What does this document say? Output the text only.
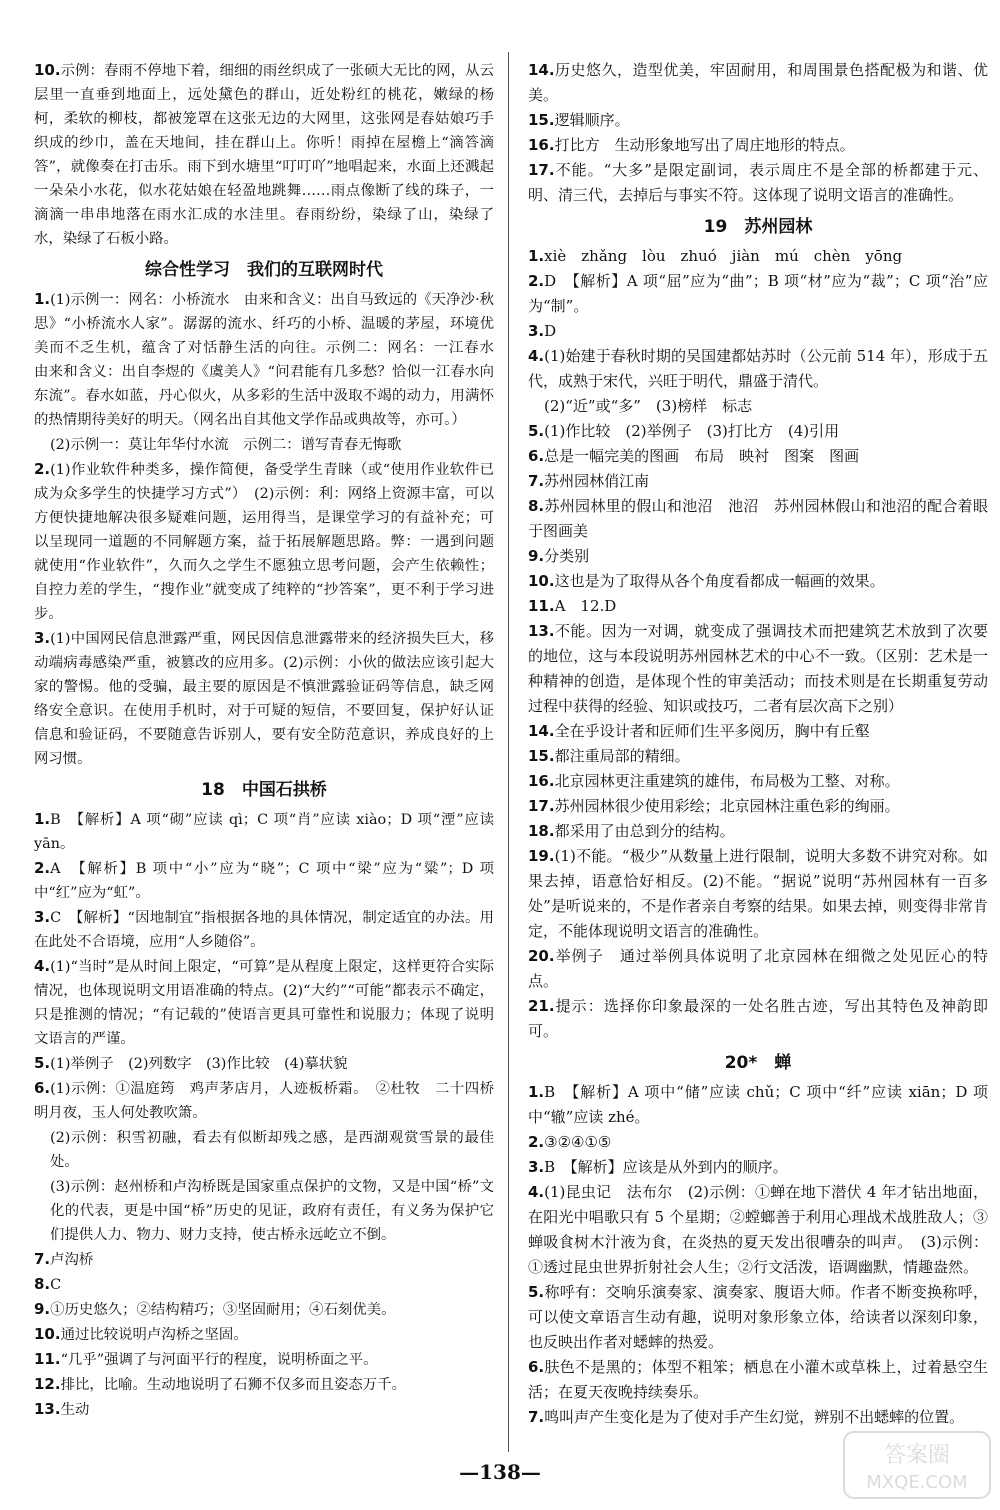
10.示例：春雨不停地下着，细细的雨丝织成了一张硕大无比的网，从云层里一直垂到地面上，远处黛色的群山，近处粉红的桃花，嫩绿的杨柯，柔软的柳枝，都被笼罩在这张无边的大网里，这张网是春姑娘巧手织成的纱巾，盖在天地间，挂在群山上。你听！雨掉在屋檐上“滴答滴答”，就像奏在打击乐。雨下到水塘里“叮叮吖”地唱起来，水面上还溅起一朵朵小水花，似水花姑娘在轻盈地跳舞……雨点像断了线的珠子，一滴滴一串串地落在雨水汇成的水洼里。春雨纷纷，染绿了山，染绿了水，染绿了石板小路。

综合性学习　我们的互联网时代

1.(1)示例一：网名：小桥流水　由来和含义：出自马致远的《天净沙·秋思》“小桥流水人家”。潺潺的流水、纤巧的小桥、温暖的茅屋，环境优美而不乏生机，蕴含了对恬静生活的向往。示例二：网名：一江春水　由来和含义：出自李煜的《虞美人》“问君能有几多愁？恰似一江春水向东流”。春水如蓝，丹心似火，从多彩的生活中汲取不竭的动力，用满怀的热情期待美好的明天。（网名出自其他文学作品或典故等，亦可。）

(2)示例一：莫让年华付水流　示例二：谱写青春无悔歌

2.(1)作业软件种类多，操作简便，备受学生青睐（或“使用作业软件已成为众多学生的快捷学习方式”）　(2)示例：利：网络上资源丰富，可以方便快捷地解决很多疑难问题，运用得当，是课堂学习的有益补充；可以呈现同一道题的不同解题方案，益于拓展解题思路。弊：一遇到问题就使用“作业软件”，久而久之学生不愿独立思考问题，会产生依赖性；自控力差的学生，“搜作业”就变成了纯粹的“抄答案”，更不利于学习进步。

3.(1)中国网民信息泄露严重，网民因信息泄露带来的经济损失巨大，移动端病毒感染严重，被篡改的应用多。(2)示例：小伙的做法应该引起大家的警惕。他的受骗，最主要的原因是不慎泄露验证码等信息，缺乏网络安全意识。在使用手机时，对于可疑的短信，不要回复，保护好认证信息和验证码，不要随意告诉别人，要有安全防范意识，养成良好的上网习惯。

18　中国石拱桥

1.B　【解析】A 项“砌”应读 qì；C 项“肖”应读 xiào；D 项“湮”应读 yān。

2.A　【解析】B 项中“小”应为“晓”；C 项中“梁”应为“粱”；D 项中“红”应为“虹”。

3.C　【解析】“因地制宜”指根据各地的具体情况，制定适宜的办法。用在此处不合语境，应用“人乡随俗”。

4.(1)“当时”是从时间上限定，“可算”是从程度上限定，这样更符合实际情况，也体现说明文用语准确的特点。(2)“大约”“可能”都表示不确定，只是推测的情况；“有记载的”使语言更具可靠性和说服力；体现了说明文语言的严谨。

5.(1)举例子　(2)列数字　(3)作比较　(4)摹状貌

6.(1)示例：①温庭筠　鸡声茅店月，人迹板桥霜。　②杜牧　二十四桥明月夜，玉人何处教吹箫。

(2)示例：积雪初融，看去有似断却残之感，是西湖观赏雪景的最佳处。

(3)示例：赵州桥和卢沟桥既是国家重点保护的文物，又是中国“桥”文化的代表，更是中国“桥”历史的见证，政府有责任，有义务为保护它们提供人力、物力、财力支持，使古桥永远屹立不倒。

7.卢沟桥

8.C

9.①历史悠久；②结构精巧；③坚固耐用；④石刻优美。

10.通过比较说明卢沟桥之坚固。

11.“几乎”强调了与河面平行的程度，说明桥面之平。

12.排比，比喻。生动地说明了石狮不仅多而且姿态万千。

13.生动

14.历史悠久，造型优美，牢固耐用，和周围景色搭配极为和谐、优美。

15.逻辑顺序。

16.打比方　生动形象地写出了周庄地形的特点。

17.不能。“大多”是限定副词，表示周庄不是全部的桥都建于元、明、清三代，去掉后与事实不符。这体现了说明文语言的准确性。

19　苏州园林

1.xiè　zhǎng　lòu　zhuó　jiàn　mú　chèn　yōng

2.D　【解析】A 项“屈”应为“曲”；B 项“材”应为“裁”；C 项“治”应为“制”。

3.D

4.(1)始建于春秋时期的吴国建都姑苏时（公元前 514 年），形成于五代，成熟于宋代，兴旺于明代，鼎盛于清代。

(2)“近”或“多”　(3)榜样　标志

5.(1)作比较　(2)举例子　(3)打比方　(4)引用

6.总是一幅完美的图画　布局　映衬　图案　图画

7.苏州园林俏江南

8.苏州园林里的假山和池沼　池沼　苏州园林假山和池沼的配合着眼于图画美

9.分类别

10.这也是为了取得从各个角度看都成一幅画的效果。

11.A　12.D

13.不能。因为一对调，就变成了强调技术而把建筑艺术放到了次要的地位，这与本段说明苏州园林艺术的中心不一致。（区别：艺术是一种精神的创造，是体现个性的审美活动；而技术则是在长期重复劳动过程中获得的经验、知识或技巧，二者有层次高下之别）

14.全在乎设计者和匠师们生平多阅历，胸中有丘壑

15.都注重局部的精细。

16.北京园林更注重建筑的雄伟，布局极为工整、对称。

17.苏州园林很少使用彩绘；北京园林注重色彩的绚丽。

18.都采用了由总到分的结构。

19.(1)不能。“极少”从数量上进行限制，说明大多数不讲究对称。如果去掉，语意恰好相反。(2)不能。“据说”说明“苏州园林有一百多处”是听说来的，不是作者亲自考察的结果。如果去掉，则变得非常肯定，不能体现说明文语言的准确性。

20.举例子　通过举例具体说明了北京园林在细微之处见匠心的特点。

21.提示：选择你印象最深的一处名胜古迹，写出其特色及神韵即可。

20*　蝉

1.B　【解析】A 项中“储”应读 chǔ；C 项中“纤”应读 xiān；D 项中“辙”应读 zhé。

2.③②④①⑤

3.B　【解析】应该是从外到内的顺序。

4.(1)昆虫记　法布尔　(2)示例：①蝉在地下潜伏 4 年才钻出地面，在阳光中唱歌只有 5 个星期；②螳螂善于利用心理战术战胜敌人；③蝉吸食树木汁液为食，在炎热的夏天发出很嘈杂的叫声。　(3)示例：①透过昆虫世界折射社会人生；②行文活泼，语调幽默，情趣盎然。

5.称呼有：交响乐演奏家、演奏家、腹语大师。作者不断变换称呼，可以使文章语言生动有趣，说明对象形象立体，给读者以深刻印象，也反映出作者对蟋蟀的热爱。

6.肤色不是黑的；体型不粗笨；栖息在小灌木或草株上，过着悬空生活；在夏天夜晚持续奏乐。

7.鸣叫声产生变化是为了使对手产生幻觉，辨别不出蟋蟀的位置。

—138—
答案圈
MXQE.COM
